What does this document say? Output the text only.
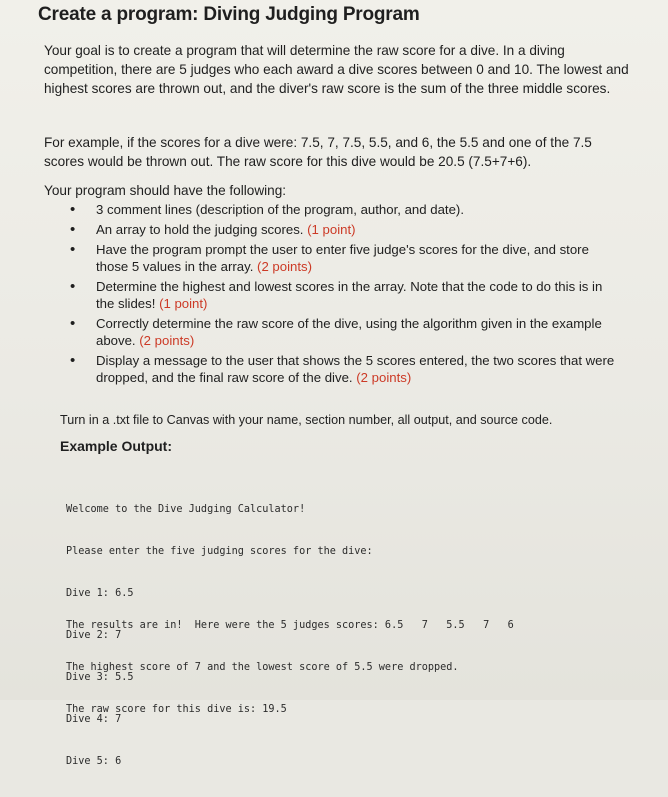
Create a program: Diving Judging Program
Your goal is to create a program that will determine the raw score for a dive. In a diving competition, there are 5 judges who each award a dive scores between 0 and 10. The lowest and highest scores are thrown out, and the diver's raw score is the sum of the three middle scores.
For example, if the scores for a dive were: 7.5, 7, 7.5, 5.5, and 6, the 5.5 and one of the 7.5 scores would be thrown out. The raw score for this dive would be 20.5 (7.5+7+6).
Your program should have the following:
• 3 comment lines (description of the program, author, and date).
• An array to hold the judging scores. (1 point)
• Have the program prompt the user to enter five judge's scores for the dive, and store those 5 values in the array. (2 points)
• Determine the highest and lowest scores in the array. Note that the code to do this is in the slides! (1 point)
• Correctly determine the raw score of the dive, using the algorithm given in the example above. (2 points)
• Display a message to the user that shows the 5 scores entered, the two scores that were dropped, and the final raw score of the dive. (2 points)
Turn in a .txt file to Canvas with your name, section number, all output, and source code.
Example Output:

Welcome to the Dive Judging Calculator!

Please enter the five judging scores for the dive:

Dive 1: 6.5

Dive 2: 7

Dive 3: 5.5

Dive 4: 7

Dive 5: 6

The results are in!  Here were the 5 judges scores: 6.5   7   5.5   7   6

The highest score of 7 and the lowest score of 5.5 were dropped.

The raw score for this dive is: 19.5
